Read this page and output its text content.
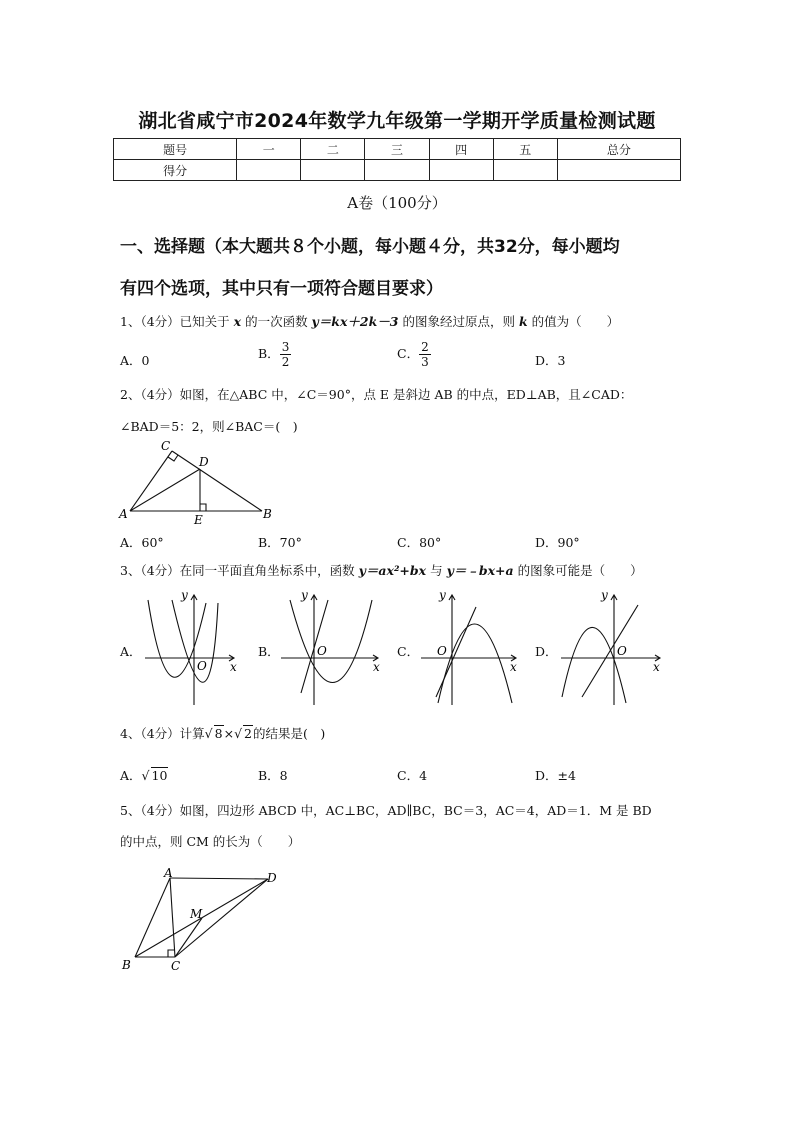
湖北省咸宁市2024年数学九年级第一学期开学质量检测试题
题号	一	二	三	四	五	总分
得分						
A卷（100分）
一、选择题（本大题共８个小题，每小题４分，共32分，每小题均
有四个选项，其中只有一项符合题目要求）
1、（4分）已知关于 x 的一次函数 y＝kx＋2k－3 的图象经过原点，则 k 的值为（　　）
A．0	B． $\frac{3}{2}$	C． $\frac{2}{3}$	D．3
2、（4分）如图，在△ABC 中，∠C＝90°，点 E 是斜边 AB 的中点，ED⊥AB，且∠CAD：
∠BAD＝5：2，则∠BAC＝(　)
A	B
C
D
E
A．60°	B．70°	C．80°	D．90°
3、（4分）在同一平面直角坐标系中，函数 y＝ax²+bx 与 y＝﹣bx+a 的图象可能是（　　）
A．
x
y
O
B．
x
y
O	C．
x
y
O	D．
x
y
O
4、（4分）计算√ 8×√ 2的结果是(　)
A．√ 10	B．8	C．4	D．±4
5、（4分）如图，四边形 ABCD 中，AC⊥BC，AD∥BC，BC＝3，AC＝4，AD＝1．M 是 BD
的中点，则 CM 的长为（　　）
A
B	C
D
M
